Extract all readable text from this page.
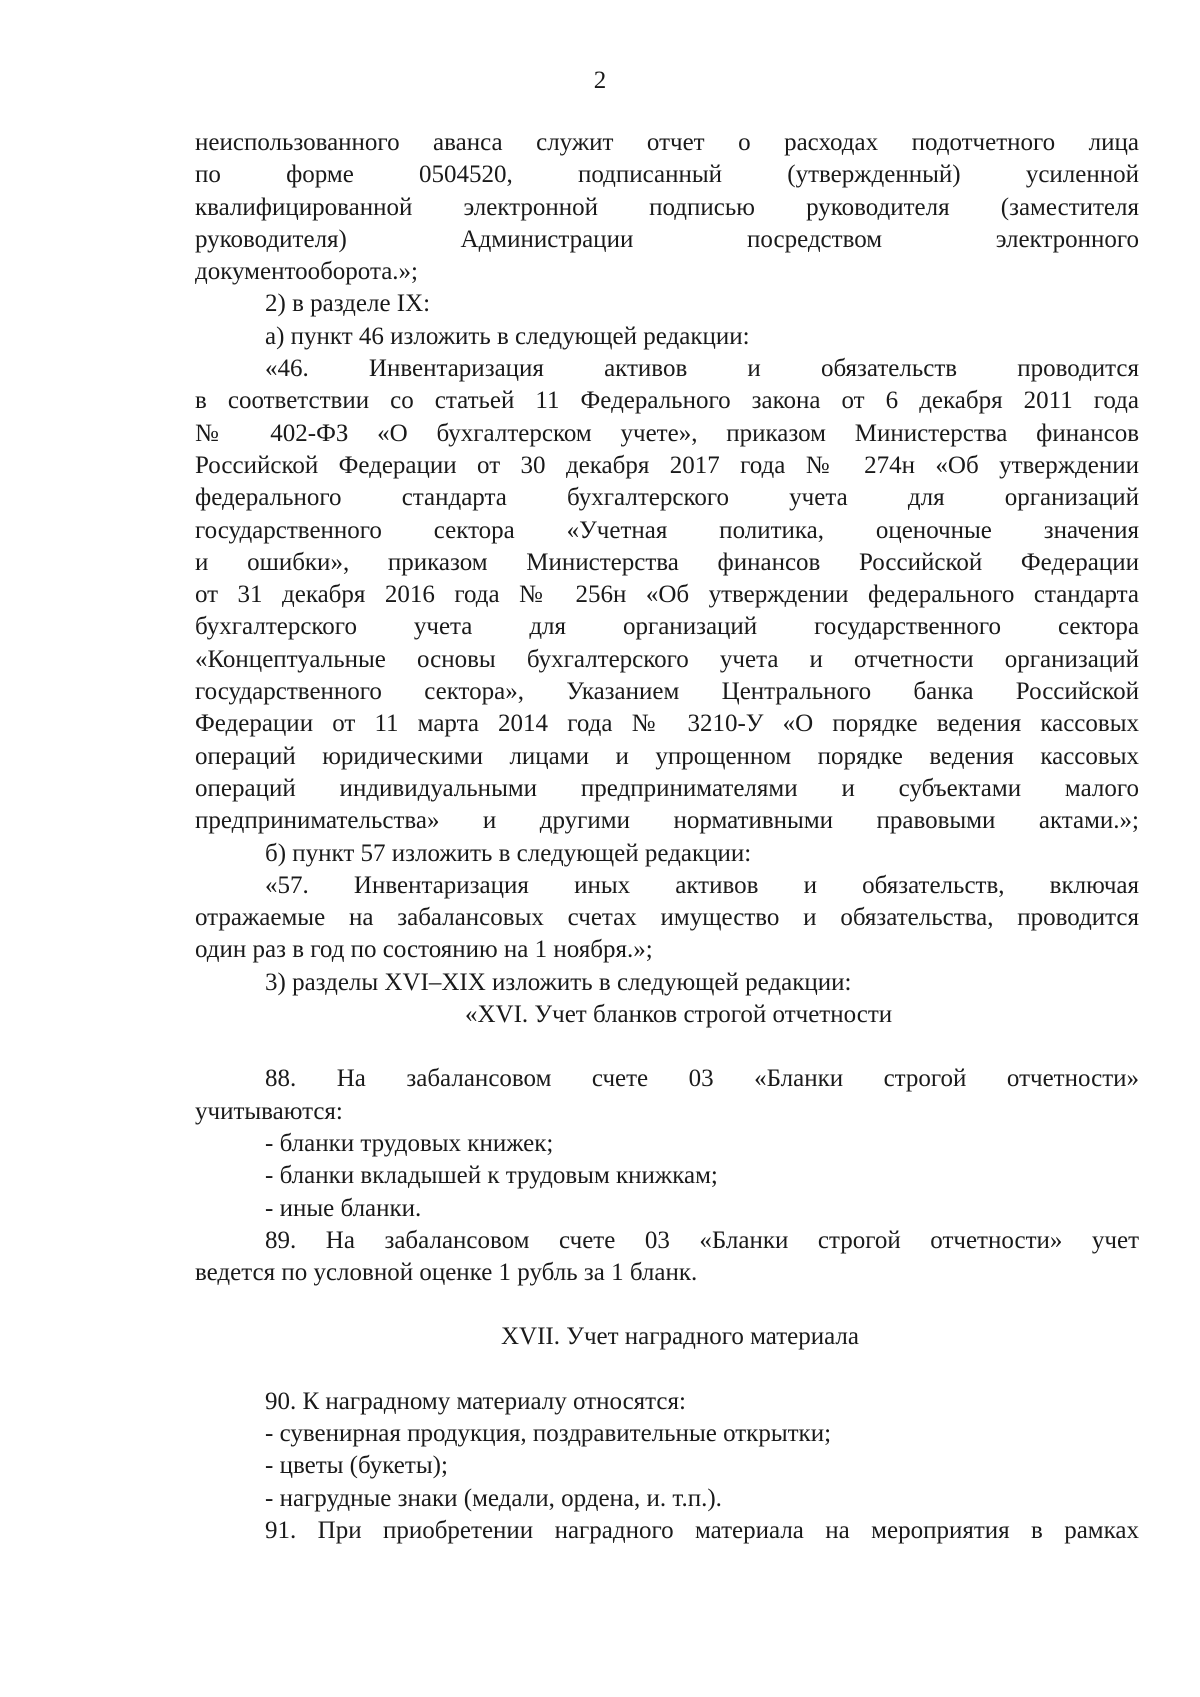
2
неиспользованного аванса служит отчет о расходах подотчетного лица
по форме 0504520, подписанный (утвержденный) усиленной
квалифицированной электронной подписью руководителя (заместителя
руководителя) Администрации посредством электронного
документооборота.»;
2) в разделе IX:
а) пункт 46 изложить в следующей редакции:
«46. Инвентаризация активов и обязательств проводится
в соответствии со статьей 11 Федерального закона от 6 декабря 2011 года
№ 402-ФЗ «О бухгалтерском учете», приказом Министерства финансов
Российской Федерации от 30 декабря 2017 года № 274н «Об утверждении
федерального стандарта бухгалтерского учета для организаций
государственного сектора «Учетная политика, оценочные значения
и ошибки», приказом Министерства финансов Российской Федерации
от 31 декабря 2016 года № 256н «Об утверждении федерального стандарта
бухгалтерского учета для организаций государственного сектора
«Концептуальные основы бухгалтерского учета и отчетности организаций
государственного сектора», Указанием Центрального банка Российской
Федерации от 11 марта 2014 года № 3210-У «О порядке ведения кассовых
операций юридическими лицами и упрощенном порядке ведения кассовых
операций индивидуальными предпринимателями и субъектами малого
предпринимательства» и другими нормативными правовыми актами.»;
б) пункт 57 изложить в следующей редакции:
«57. Инвентаризация иных активов и обязательств, включая
отражаемые на забалансовых счетах имущество и обязательства, проводится
один раз в год по состоянию на 1 ноября.»;
3) разделы XVI–XIX изложить в следующей редакции:
«XVI. Учет бланков строгой отчетности
88. На забалансовом счете 03 «Бланки строгой отчетности»
учитываются:
- бланки трудовых книжек;
- бланки вкладышей к трудовым книжкам;
- иные бланки.
89. На забалансовом счете 03 «Бланки строгой отчетности» учет
ведется по условной оценке 1 рубль за 1 бланк.
XVII. Учет наградного материала
90. К наградному материалу относятся:
- сувенирная продукция, поздравительные открытки;
- цветы (букеты);
- нагрудные знаки (медали, ордена, и. т.п.).
91. При приобретении наградного материала на мероприятия в рамках
